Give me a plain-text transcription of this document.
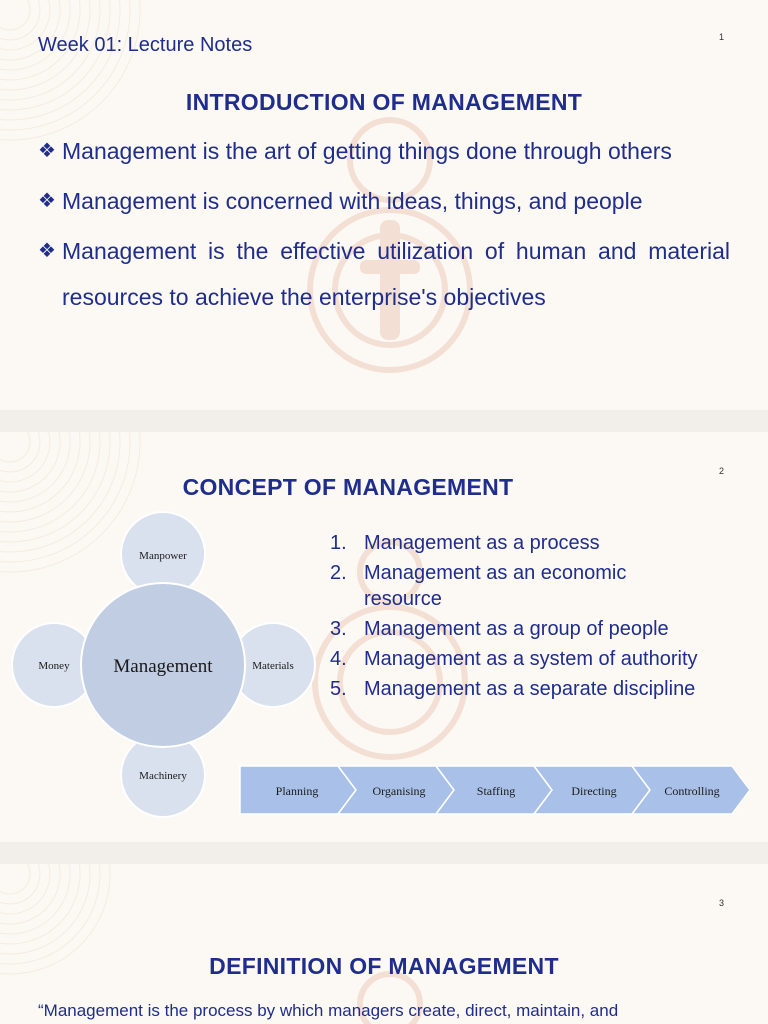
Week 01: Lecture Notes	1
INTRODUCTION OF MANAGEMENT
❖ Management is the art of getting things done through others
❖ Management is concerned with ideas, things, and people
❖ Management is the effective utilization of human and material resources to achieve the enterprise's objectives
2
CONCEPT OF MANAGEMENT
Management
Manpower
Materials
Machinery
Money
Planning	Organising	Staffing	Directing	Controlling
1. Management as a process
2. Management as an economic resource
3. Management as a group of people
4. Management as a system of authority
5. Management as a separate discipline
3
DEFINITION OF MANAGEMENT
“Management is the process by which managers create, direct, maintain, and
